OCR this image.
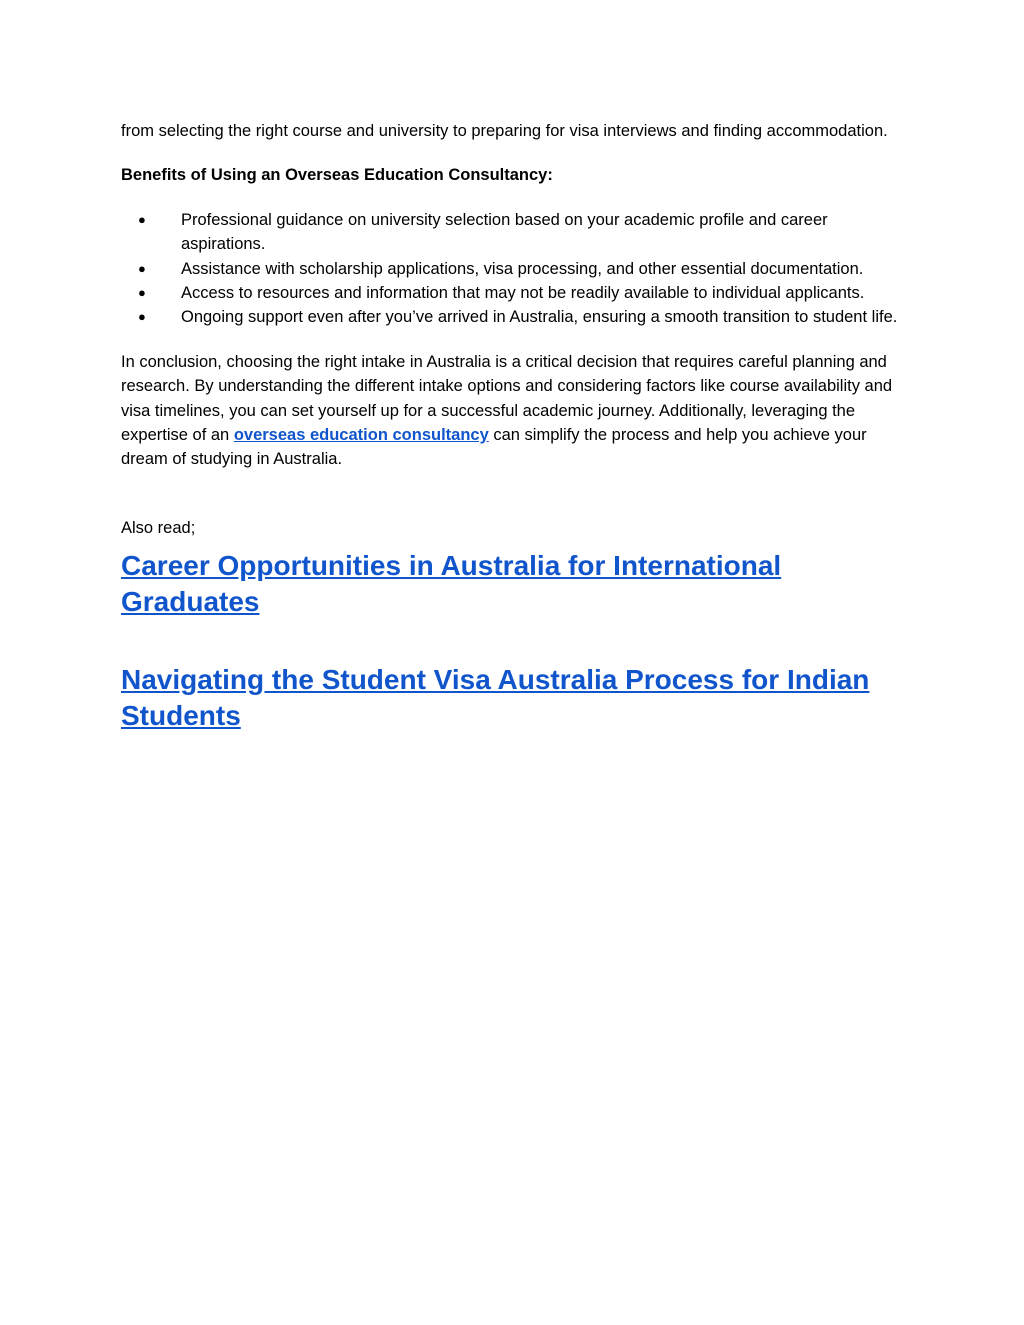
from selecting the right course and university to preparing for visa interviews and finding accommodation.

Benefits of Using an Overseas Education Consultancy:

● Professional guidance on university selection based on your academic profile and career aspirations.
● Assistance with scholarship applications, visa processing, and other essential documentation.
● Access to resources and information that may not be readily available to individual applicants.
● Ongoing support even after you’ve arrived in Australia, ensuring a smooth transition to student life.

In conclusion, choosing the right intake in Australia is a critical decision that requires careful planning and research. By understanding the different intake options and considering factors like course availability and visa timelines, you can set yourself up for a successful academic journey. Additionally, leveraging the expertise of an overseas education consultancy can simplify the process and help you achieve your dream of studying in Australia.

Also read;

Career Opportunities in Australia for International Graduates
Navigating the Student Visa Australia Process for Indian Students
